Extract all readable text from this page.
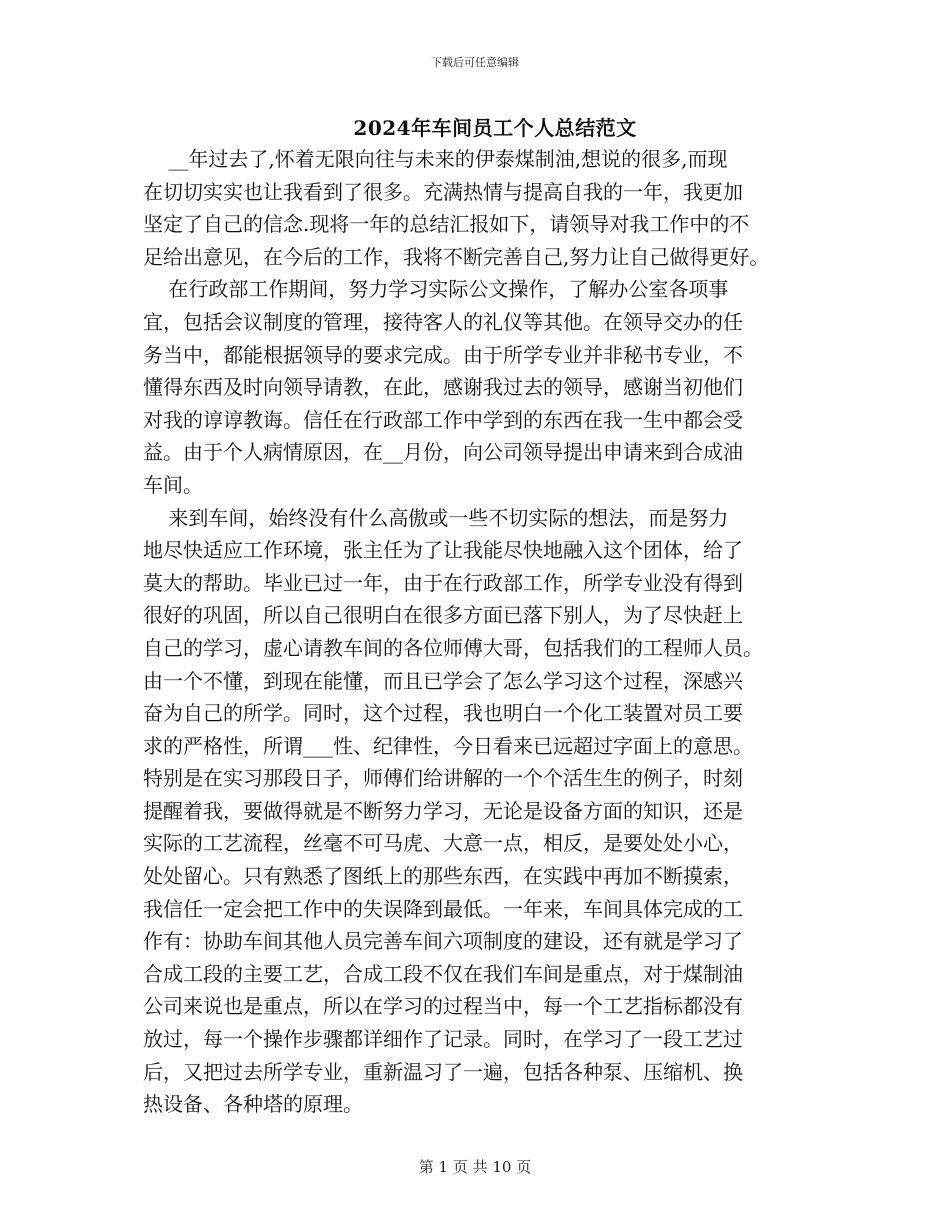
下载后可任意编辑
2024年车间员工个人总结范文
__年过去了,怀着无限向往与未来的伊泰煤制油,想说的很多,而现
在切切实实也让我看到了很多。充满热情与提高自我的一年，我更加
坚定了自己的信念.现将一年的总结汇报如下，请领导对我工作中的不
足给出意见，在今后的工作，我将不断完善自己,努力让自己做得更好。
在行政部工作期间，努力学习实际公文操作，了解办公室各项事
宜，包括会议制度的管理，接待客人的礼仪等其他。在领导交办的任
务当中，都能根据领导的要求完成。由于所学专业并非秘书专业，不
懂得东西及时向领导请教，在此，感谢我过去的领导，感谢当初他们
对我的谆谆教诲。信任在行政部工作中学到的东西在我一生中都会受
益。由于个人病情原因，在__月份，向公司领导提出申请来到合成油
车间。
来到车间，始终没有什么高傲或一些不切实际的想法，而是努力
地尽快适应工作环境，张主任为了让我能尽快地融入这个团体，给了
莫大的帮助。毕业已过一年，由于在行政部工作，所学专业没有得到
很好的巩固，所以自己很明白在很多方面已落下别人，为了尽快赶上
自己的学习，虚心请教车间的各位师傅大哥，包括我们的工程师人员。
由一个不懂，到现在能懂，而且已学会了怎么学习这个过程，深感兴
奋为自己的所学。同时，这个过程，我也明白一个化工装置对员工要
求的严格性，所谓___性、纪律性，今日看来已远超过字面上的意思。
特别是在实习那段日子，师傅们给讲解的一个个活生生的例子，时刻
提醒着我，要做得就是不断努力学习，无论是设备方面的知识，还是
实际的工艺流程，丝毫不可马虎、大意一点，相反，是要处处小心，
处处留心。只有熟悉了图纸上的那些东西，在实践中再加不断摸索，
我信任一定会把工作中的失误降到最低。一年来，车间具体完成的工
作有：协助车间其他人员完善车间六项制度的建设，还有就是学习了
合成工段的主要工艺，合成工段不仅在我们车间是重点，对于煤制油
公司来说也是重点，所以在学习的过程当中，每一个工艺指标都没有
放过，每一个操作步骤都详细作了记录。同时，在学习了一段工艺过
后，又把过去所学专业，重新温习了一遍，包括各种泵、压缩机、换
热设备、各种塔的原理。
第 1 页 共 10 页
